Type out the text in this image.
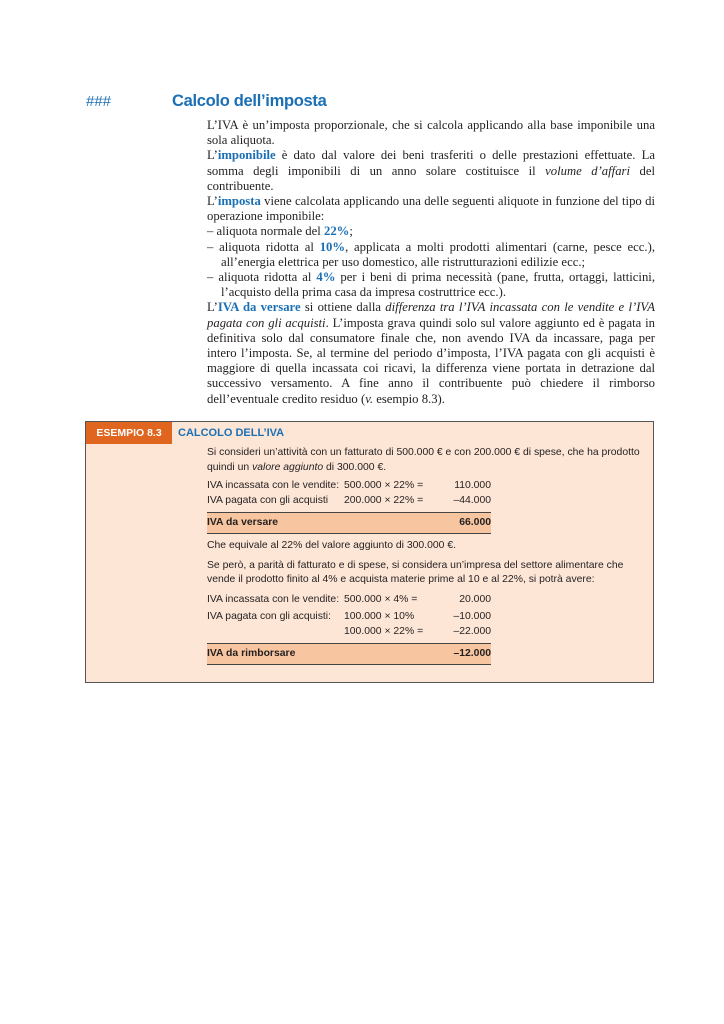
###	Calcolo dell’imposta

L’IVA è un’imposta proporzionale, che si calcola applicando alla base imponibile una sola aliquota.

L’imponibile è dato dal valore dei beni trasferiti o delle prestazioni effettuate. La somma degli imponibili di un anno solare costituisce il volume d’affari del contribuente.

L’imposta viene calcolata applicando una delle seguenti aliquote in funzione del tipo di operazione imponibile:

– aliquota normale del 22%;

– aliquota ridotta al 10%, applicata a molti prodotti alimentari (carne, pesce ecc.), all’energia elettrica per uso domestico, alle ristrutturazioni edilizie ecc.;

– aliquota ridotta al 4% per i beni di prima necessità (pane, frutta, ortaggi, latticini, l’acquisto della prima casa da impresa costruttrice ecc.).

L’IVA da versare si ottiene dalla differenza tra l’IVA incassata con le vendite e l’IVA pagata con gli acquisti. L’imposta grava quindi solo sul valore aggiunto ed è pagata in definitiva solo dal consumatore finale che, non avendo IVA da incassare, paga per intero l’imposta. Se, al termine del periodo d’imposta, l’IVA pagata con gli acquisti è maggiore di quella incassata coi ricavi, la differenza viene portata in detrazione dal successivo versamento. A fine anno il contribuente può chiedere il rimborso dell’eventuale credito residuo (v. esempio 8.3).

ESEMPIO 8.3	CALCOLO DELL’IVA

Si consideri un’attività con un fatturato di 500.000 € e con 200.000 € di spese, che ha prodotto quindi un valore aggiunto di 300.000 €.

IVA incassata con le vendite: 500.000 × 22% =	110.000
IVA pagata con gli acquisti	200.000 × 22% =	–44.000
IVA da versare	66.000

Che equivale al 22% del valore aggiunto di 300.000 €.

Se però, a parità di fatturato e di spese, si considera un’impresa del settore alimentare che vende il prodotto finito al 4% e acquista materie prime al 10 e al 22%, si potrà avere:

IVA incassata con le vendite: 500.000 × 4% =	20.000
IVA pagata con gli acquisti:	100.000 × 10%	–10.000
100.000 × 22% =	–22.000
IVA da rimborsare	–12.000
